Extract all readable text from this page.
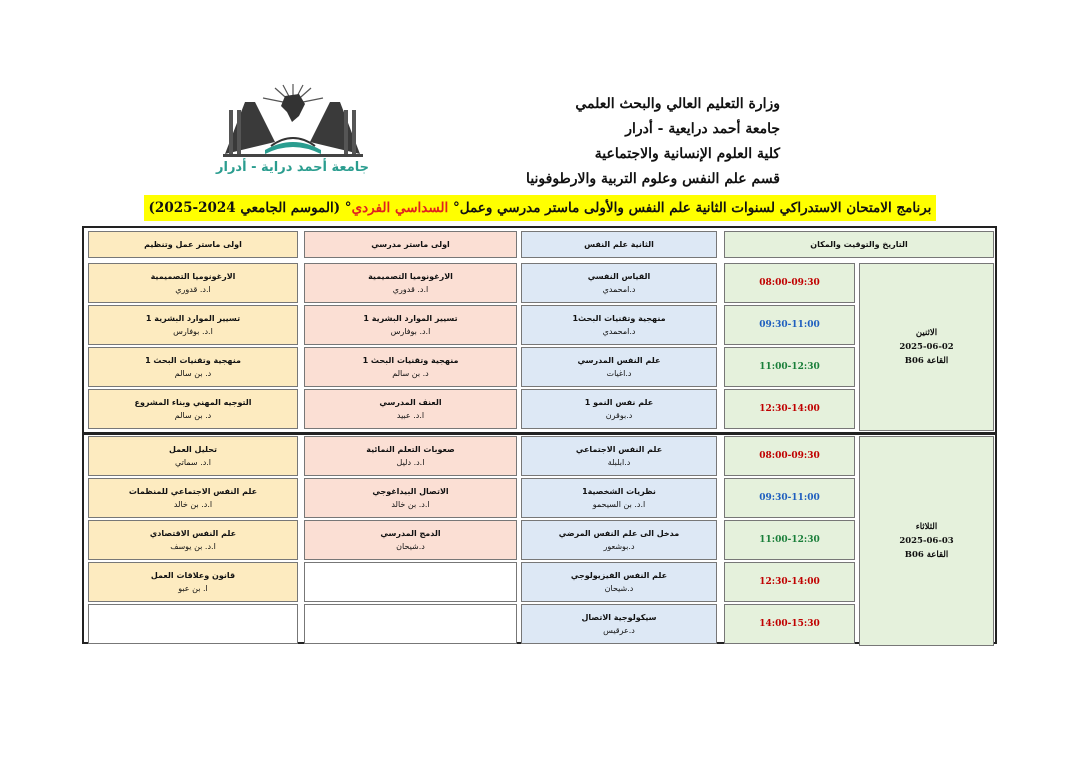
وزارة التعليم العالي والبحث العلمي
جامعة أحمد درايعية - أدرار
كلية العلوم الإنسانية والاجتماعية
قسم علم النفس وعلوم التربية والارطوفونيا
جامعة أحمد دراية - أدرار
برنامج الامتحان الاستدراكي لسنوات الثانية علم النفس والأولى ماستر مدرسي وعمل° السداسي الفردي° (الموسم الجامعي 2024-2025)
التاريخ والتوقيت والمكان
الثانية علم النفس
اولى ماستر مدرسي
اولى ماستر عمل وتنظيم
الاثنين
2025-06-02
القاعة B06
08:00-09:30
القياس النفسي
د.امحمدي
الارغونوميا التصميمية
ا.د. قدوري
الارغونوميا التصميمية
ا.د. قدوري
09:30-11:00
منهجية وتقنيات البحث1
د.امحمدي
تسيير الموارد البشرية 1
ا.د. بوفارس
تسيير الموارد البشرية 1
ا.د. بوفارس
11:00-12:30
علم النفس المدرسي
د.اغيات
منهجية وتقنيات البحث 1
د. بن سالم
منهجية وتقنيات البحث 1
د. بن سالم
12:30-14:00
علم نفس النمو 1
د.بوقرن
العنف المدرسي
ا.د. عبيد
التوجيه المهني وبناء المشروع
د. بن سالم
الثلاثاء
2025-06-03
القاعة B06
08:00-09:30
علم النفس الاجتماعي
د.ابلبلة
صعوبات التعلم النمائية
ا.د. دليل
تحليل العمل
ا.د. سماتي
09:30-11:00
نظريات الشخصية1
ا.د. بن السيحمو
الاتصال البيداغوجي
ا.د. بن خالد
علم النفس الاجتماعي للمنظمات
ا.د. بن خالد
11:00-12:30
مدخل الى علم النفس المرضي
د.بوشعور
الدمج المدرسي
د.شيحان
علم النفس الاقتصادي
ا.د. بن يوسف
12:30-14:00
علم النفس الفيزيولوجي
د.شيحان
قانون وعلاقات العمل
ا. بن عبو
14:00-15:30
سيكولوجية الاتصال
د.عرقيس
